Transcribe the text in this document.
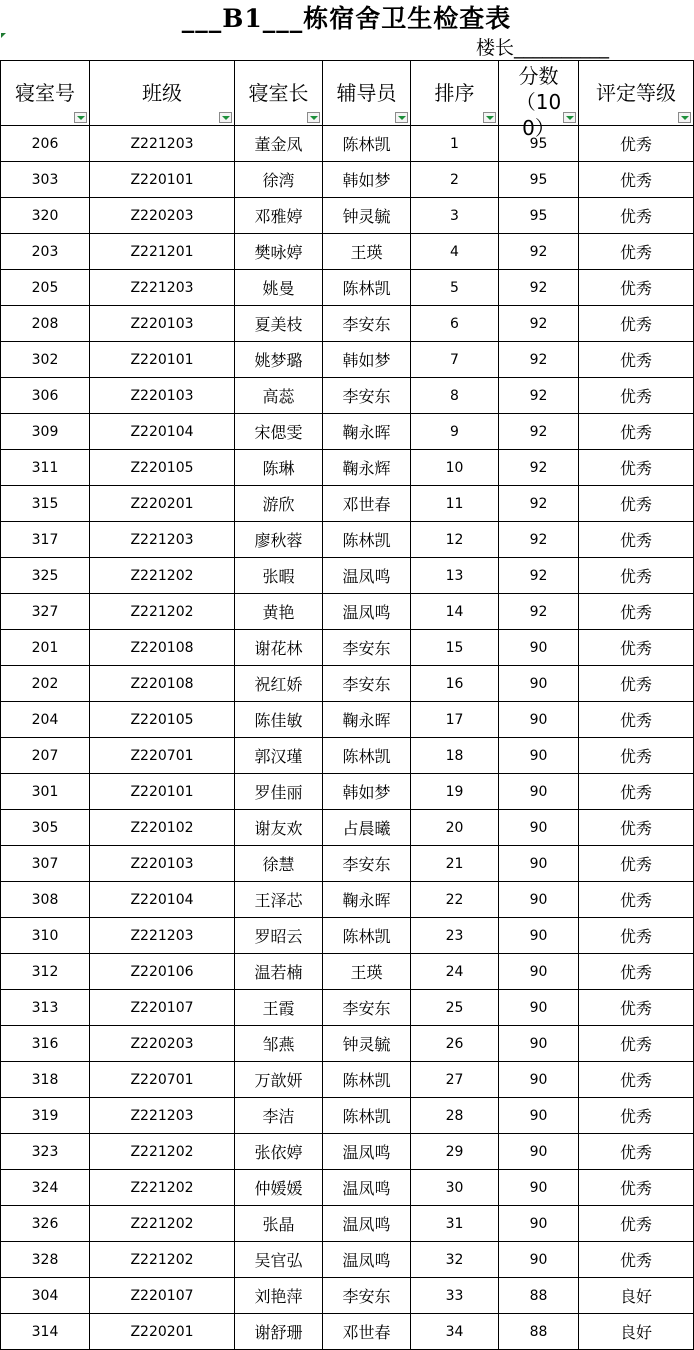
___B1___栋宿舍卫生检查表
楼长__________
寝室号	班级	寝室长	辅导员	排序	分数（100）	评定等级

206	Z221203	董金凤	陈林凯	1	95	优秀
303	Z220101	徐湾	韩如梦	2	95	优秀
320	Z220203	邓雅婷	钟灵毓	3	95	优秀
203	Z221201	樊咏婷	王瑛	4	92	优秀
205	Z221203	姚曼	陈林凯	5	92	优秀
208	Z220103	夏美枝	李安东	6	92	优秀
302	Z220101	姚梦璐	韩如梦	7	92	优秀
306	Z220103	高蕊	李安东	8	92	优秀
309	Z220104	宋偲雯	鞠永晖	9	92	优秀
311	Z220105	陈琳	鞠永辉	10	92	优秀
315	Z220201	游欣	邓世春	11	92	优秀
317	Z221203	廖秋蓉	陈林凯	12	92	优秀
325	Z221202	张暇	温凤鸣	13	92	优秀
327	Z221202	黄艳	温凤鸣	14	92	优秀
201	Z220108	谢花林	李安东	15	90	优秀
202	Z220108	祝红娇	李安东	16	90	优秀
204	Z220105	陈佳敏	鞠永晖	17	90	优秀
207	Z220701	郭汉瑾	陈林凯	18	90	优秀
301	Z220101	罗佳丽	韩如梦	19	90	优秀
305	Z220102	谢友欢	占晨曦	20	90	优秀
307	Z220103	徐慧	李安东	21	90	优秀
308	Z220104	王泽芯	鞠永晖	22	90	优秀
310	Z221203	罗昭云	陈林凯	23	90	优秀
312	Z220106	温若楠	王瑛	24	90	优秀
313	Z220107	王霞	李安东	25	90	优秀
316	Z220203	邹燕	钟灵毓	26	90	优秀
318	Z220701	万歆妍	陈林凯	27	90	优秀
319	Z221203	李洁	陈林凯	28	90	优秀
323	Z221202	张依婷	温凤鸣	29	90	优秀
324	Z221202	仲媛媛	温凤鸣	30	90	优秀
326	Z221202	张晶	温凤鸣	31	90	优秀
328	Z221202	吴官弘	温凤鸣	32	90	优秀
304	Z220107	刘艳萍	李安东	33	88	良好
314	Z220201	谢舒珊	邓世春	34	88	良好
